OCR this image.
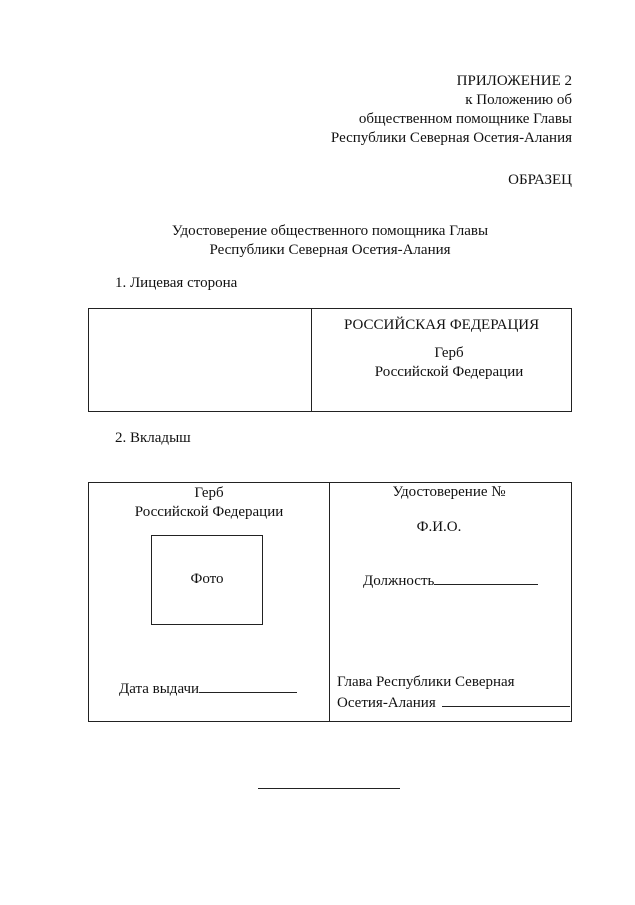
ПРИЛОЖЕНИЕ 2
к Положению об
общественном помощнике Главы
Республики Северная Осетия-Алания
ОБРАЗЕЦ
Удостоверение общественного помощника Главы
Республики Северная Осетия-Алания
1. Лицевая сторона
РОССИЙСКАЯ ФЕДЕРАЦИЯ
Герб
Российской Федерации
2. Вкладыш
Герб
Российской Федерации
Фото
Дата выдачи
Удостоверение №
Ф.И.О.
Должность
Глава Республики Северная
Осетия-Алания
